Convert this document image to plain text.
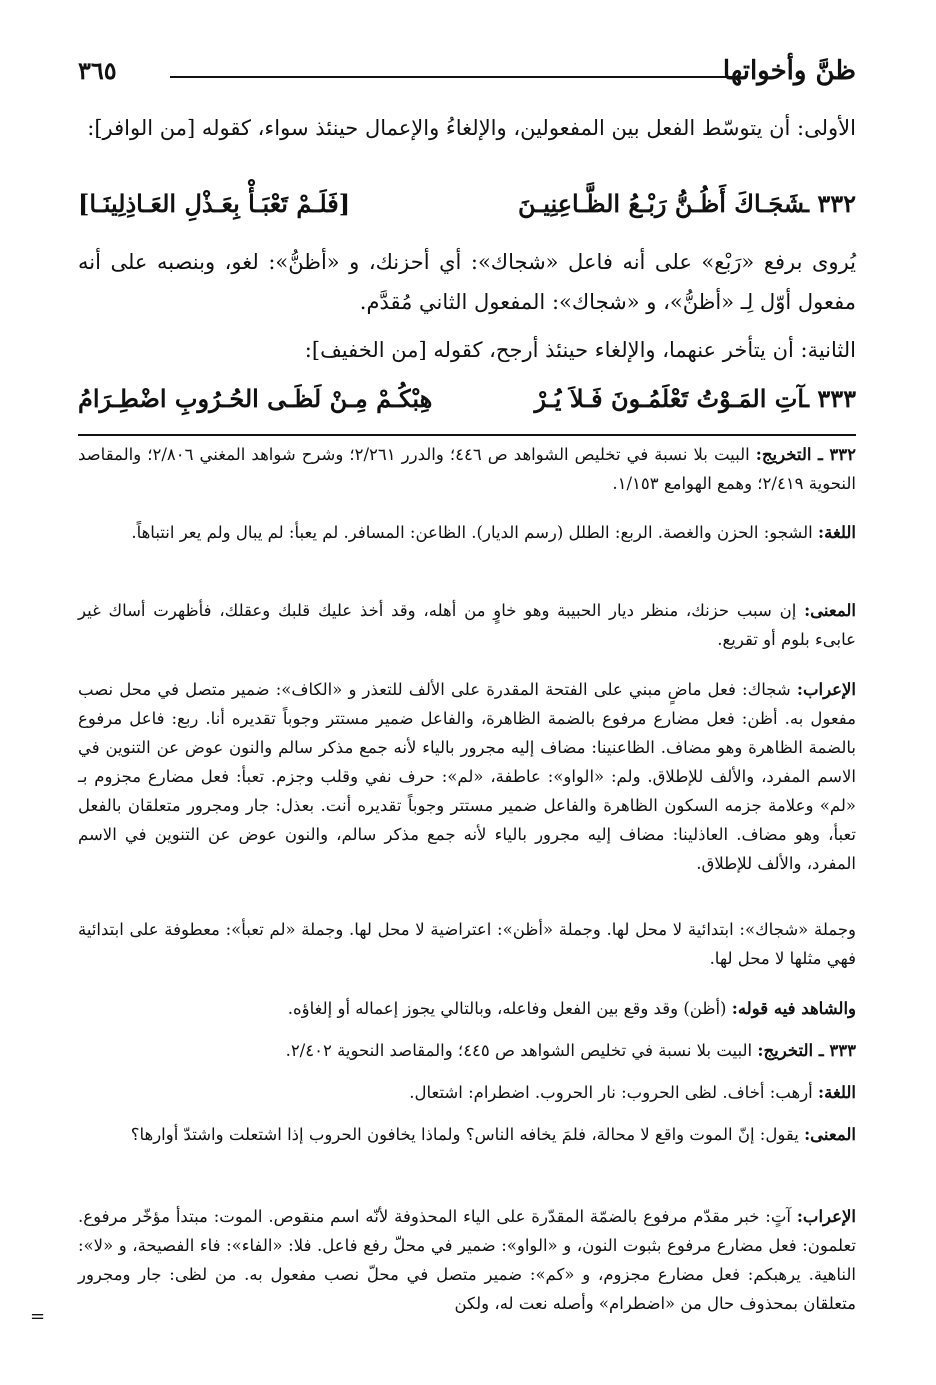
ظنَّ وأخواتها
٣٦٥
الأولى: أن يتوسّط الفعل بين المفعولين، والإلغاءُ والإعمال حينئذ سواء، كقوله [من الوافر]:
٣٣٢ ـ
شَجَـاكَ أَظُـنُّ رَبْـعُ الظَّـاعِنِيـنَ
[فَلَـمْ تَعْبَـأْ بِعَـذْلِ العَـاذِلِينَـا]
يُروى برفع «رَبْع» على أنه فاعل «شجاك»: أي أحزنك، و «أظنُّ»: لغو، وبنصبه على أنه مفعول أوّل لِـ «أظنُّ»، و «شجاك»: المفعول الثاني مُقدَّم.
الثانية: أن يتأخر عنهما، والإلغاء حينئذ أرجح، كقوله [من الخفيف]:
٣٣٣ ـ
آتِ المَـوْتُ تَعْلَمُـونَ فَـلاَ يُـرْ
هِبْكُـمْ مِـنْ لَظَـى الحُـرُوبِ اضْطِـرَامُ
٣٣٢ ـ التخريج: البيت بلا نسبة في تخليص الشواهد ص ٤٤٦؛ والدرر ٢/٢٦١؛ وشرح شواهد المغني ٢/٨٠٦؛ والمقاصد النحوية ٢/٤١٩؛ وهمع الهوامع ١/١٥٣.
اللغة: الشجو: الحزن والغصة. الربع: الطلل (رسم الديار). الظاعن: المسافر. لم يعبأ: لم يبال ولم يعر انتباهاً.
المعنى: إن سبب حزنك، منظر ديار الحبيبة وهو خاوٍ من أهله، وقد أخذ عليك قلبك وعقلك، فأظهرت أساك غير عابىء بلوم أو تقريع.
الإعراب: شجاك: فعل ماضٍ مبني على الفتحة المقدرة على الألف للتعذر و «الكاف»: ضمير متصل في محل نصب مفعول به. أظن: فعل مضارع مرفوع بالضمة الظاهرة، والفاعل ضمير مستتر وجوباً تقديره أنا. ربع: فاعل مرفوع بالضمة الظاهرة وهو مضاف. الظاعنينا: مضاف إليه مجرور بالياء لأنه جمع مذكر سالم والنون عوض عن التنوين في الاسم المفرد، والألف للإطلاق. ولم: «الواو»: عاطفة، «لم»: حرف نفي وقلب وجزم. تعبأ: فعل مضارع مجزوم بـ «لم» وعلامة جزمه السكون الظاهرة والفاعل ضمير مستتر وجوباً تقديره أنت. بعذل: جار ومجرور متعلقان بالفعل تعبأ، وهو مضاف. العاذلينا: مضاف إليه مجرور بالياء لأنه جمع مذكر سالم، والنون عوض عن التنوين في الاسم المفرد، والألف للإطلاق.
وجملة «شجاك»: ابتدائية لا محل لها. وجملة «أظن»: اعتراضية لا محل لها. وجملة «لم تعبأ»: معطوفة على ابتدائية فهي مثلها لا محل لها.
والشاهد فيه قوله: (أظن) وقد وقع بين الفعل وفاعله، وبالتالي يجوز إعماله أو إلغاؤه.
٣٣٣ ـ التخريج: البيت بلا نسبة في تخليص الشواهد ص ٤٤٥؛ والمقاصد النحوية ٢/٤٠٢.
اللغة: أرهب: أخاف. لظى الحروب: نار الحروب. اضطرام: اشتعال.
المعنى: يقول: إنّ الموت واقع لا محالة، فلمَ يخافه الناس؟ ولماذا يخافون الحروب إذا اشتعلت واشتدّ أوارها؟
الإعراب: آتٍ: خبر مقدّم مرفوع بالضمّة المقدّرة على الياء المحذوفة لأنّه اسم منقوص. الموت: مبتدأ مؤخّر مرفوع. تعلمون: فعل مضارع مرفوع بثبوت النون، و «الواو»: ضمير في محلّ رفع فاعل. فلا: «الفاء»: فاء الفصيحة، و «لا»: الناهية. يرهبكم: فعل مضارع مجزوم، و «كم»: ضمير متصل في محلّ نصب مفعول به. من لظى: جار ومجرور متعلقان بمحذوف حال من «اضطرام» وأصله نعت له، ولكن
=
